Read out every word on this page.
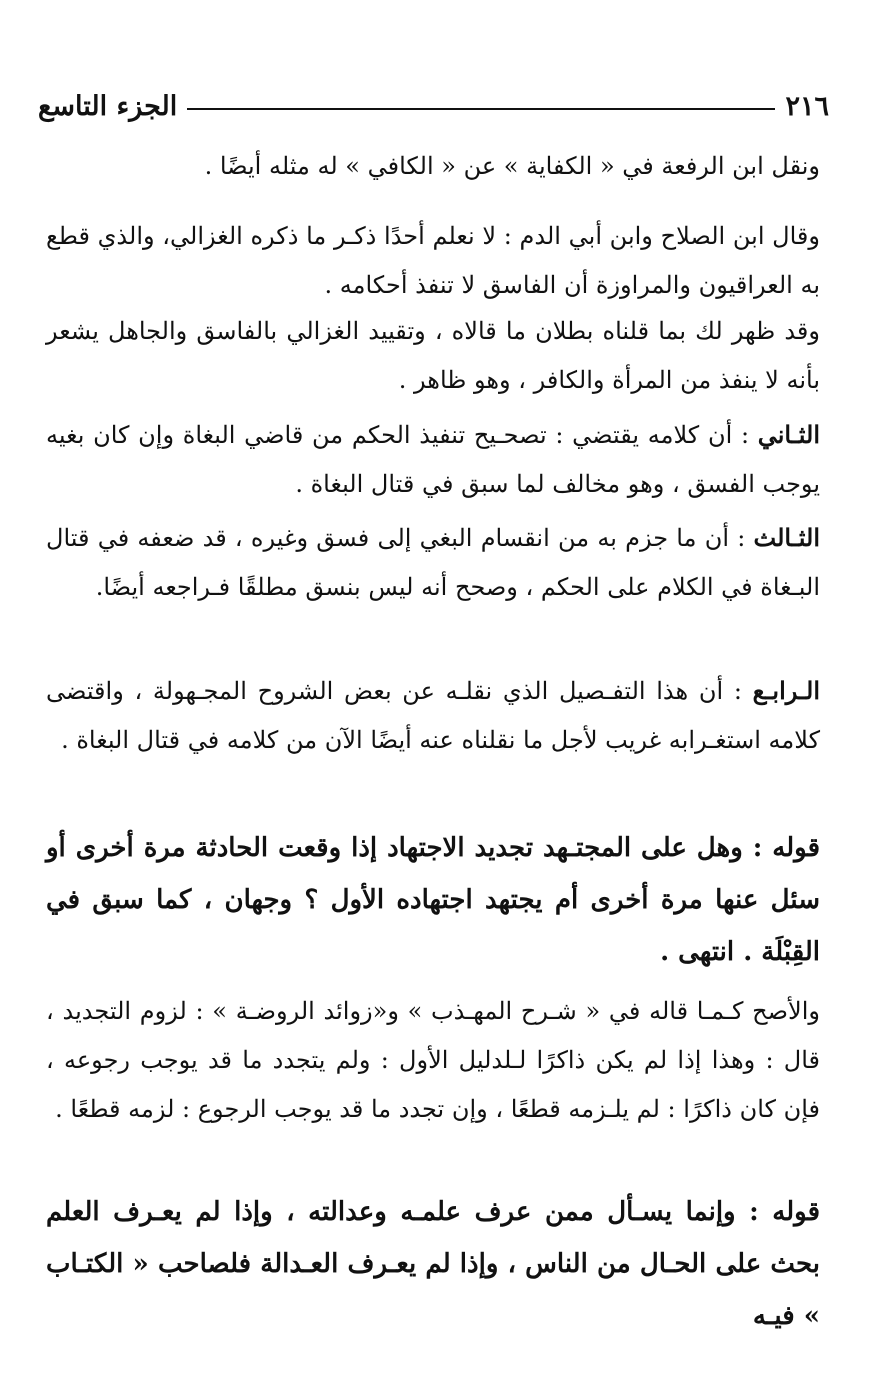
٢١٦
الجزء التاسع

ونقل ابن الرفعة في « الكفاية » عن « الكافي » له مثله أيضًا .

وقال ابن الصلاح وابن أبي الدم : لا نعلم أحدًا ذكـر ما ذكره الغزالي، والذي قطع به العراقيون والمراوزة أن الفاسق لا تنفذ أحكامه .

وقد ظهر لك بما قلناه بطلان ما قالاه ، وتقييد الغزالي بالفاسق والجاهل يشعر بأنه لا ينفذ من المرأة والكافر ، وهو ظاهر .

الثـاني : أن كلامه يقتضي : تصحـيح تنفيذ الحكم من قاضي البغاة وإن كان بغيه يوجب الفسق ، وهو مخالف لما سبق في قتال البغاة .

الثـالث : أن ما جزم به من انقسام البغي إلى فسق وغيره ، قد ضعفه في قتال البـغاة في الكلام على الحكم ، وصحح أنه ليس بنسق مطلقًا فـراجعه أيضًا.

الـرابـع : أن هذا التفـصيل الذي نقلـه عن بعض الشروح المجـهولة ، واقتضى كلامه استغـرابه غريب لأجل ما نقلناه عنه أيضًا الآن من كلامه في قتال البغاة .

قوله : وهل على المجتـهد تجديد الاجتهاد إذا وقعت الحادثة مرة أخرى أو سئل عنها مرة أخرى أم يجتهد اجتهاده الأول ؟ وجهان ، كما سبق في القِبْلَة . انتهى .

والأصح كـمـا قاله في « شـرح المهـذب » و«زوائد الروضـة » : لزوم التجديد ، قال : وهذا إذا لم يكن ذاكرًا لـلدليل الأول : ولم يتجدد ما قد يوجب رجوعه ، فإن كان ذاكرًا : لم يلـزمه قطعًا ، وإن تجدد ما قد يوجب الرجوع : لزمه قطعًا .

قوله : وإنما يسـأل ممن عرف علمـه وعدالته ، وإذا لم يعـرف العلم بحث على الحـال من الناس ، وإذا لم يعـرف العـدالة فلصاحب « الكتـاب » فيـه
